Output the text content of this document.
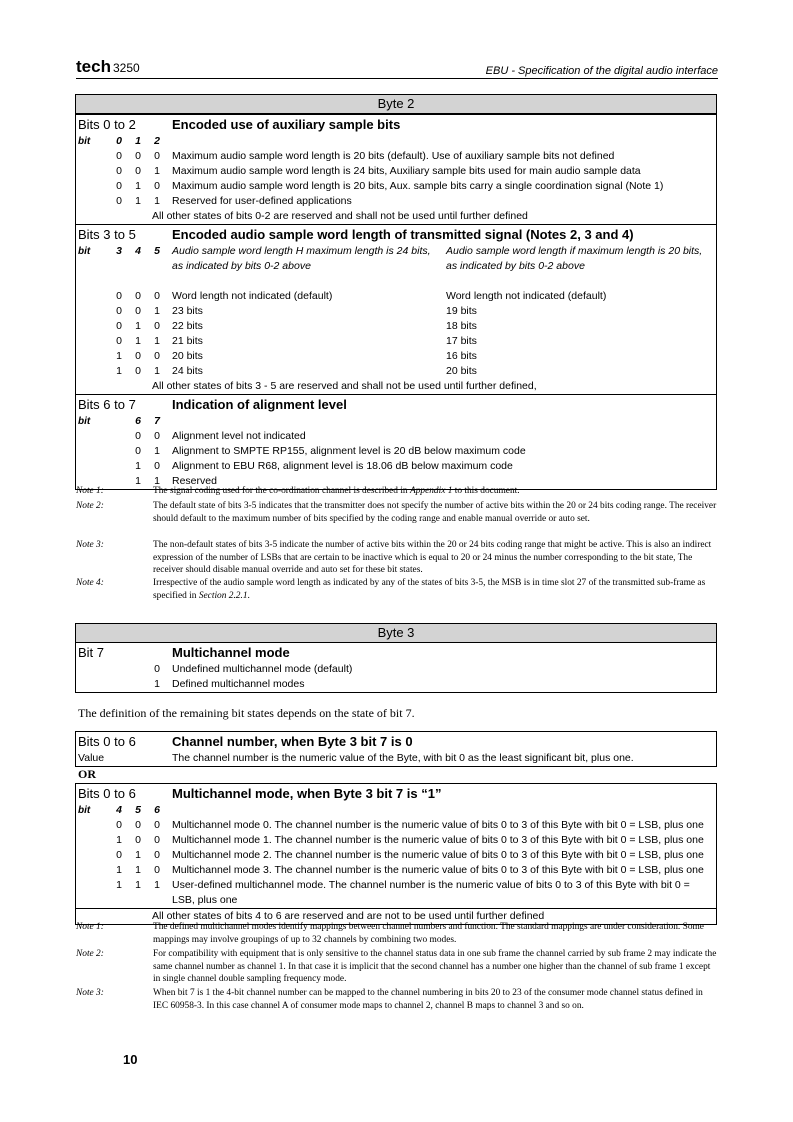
tech 3250	EBU - Specification of the digital audio interface
Byte 2
Bits 0 to 2	Encoded use of auxiliary sample bits
bit 0 1 2
0 0 0 Maximum audio sample word length is 20 bits (default). Use of auxiliary sample bits not defined
0 0 1 Maximum audio sample word length is 24 bits, Auxiliary sample bits used for main audio sample data
0 1 0 Maximum audio sample word length is 20 bits, Aux. sample bits carry a single coordination signal (Note 1)
0 1 1 Reserved for user-defined applications
All other states of bits 0-2 are reserved and shall not be used until further defined
Bits 3 to 5	Encoded audio sample word length of transmitted signal (Notes 2, 3 and 4)
bit 3 4 5 Audio sample word length H maximum length is 24 bits, Audio sample word length if maximum length is 20 bits,
as indicated by bits 0-2 above	as indicated by bits 0-2 above
0 0 0 Word length not indicated (default)	Word length not indicated (default)
0 0 1 23 bits	19 bits
0 1 0 22 bits	18 bits
0 1 1 21 bits	17 bits
1 0 0 20 bits	16 bits
1 0 1 24 bits	20 bits
All other states of bits 3 - 5 are reserved and shall not be used until further defined,
Bits 6 to 7	Indication of alignment level
bit	6 7
0 0 Alignment level not indicated
0 1 Alignment to SMPTE RP155, alignment level is 20 dB below maximum code
1 0 Alignment to EBU R68, alignment level is 18.06 dB below maximum code
1 1 Reserved
Note 1:	The signal coding used for the co-ordination channel is described in Appendix 1 to this document.
Note 2:	The default state of bits 3-5 indicates that the transmitter does not specify the number of active bits within the 20 or 24 bits coding range. The receiver should default to the maximum number of bits specified by the coding range and enable manual override or auto set.
Note 3:	The non-default states of bits 3-5 indicate the number of active bits within the 20 or 24 bits coding range that might be active. This is also an indirect expression of the number of LSBs that are certain to be inactive which is equal to 20 or 24 minus the number corresponding to the bit state, The receiver should disable manual override and auto set for these bit states.
Note 4:	Irrespective of the audio sample word length as indicated by any of the states of bits 3-5, the MSB is in time slot 27 of the transmitted sub-frame as specified in Section 2.2.1.
Byte 3
Bit 7	Multichannel mode
0 Undefined multichannel mode (default)
1 Defined multichannel modes
The definition of the remaining bit states depends on the state of bit 7.
Bits 0 to 6	Channel number, when Byte 3 bit 7 is 0
Value	The channel number is the numeric value of the Byte, with bit 0 as the least significant bit, plus one.
OR
Bits 0 to 6	Multichannel mode, when Byte 3 bit 7 is “1”
bit 4 5 6
0 0 0 Multichannel mode 0. The channel number is the numeric value of bits 0 to 3 of this Byte with bit 0 = LSB, plus one
1 0 0 Multichannel mode 1. The channel number is the numeric value of bits 0 to 3 of this Byte with bit 0 = LSB, plus one
0 1 0 Multichannel mode 2. The channel number is the numeric value of bits 0 to 3 of this Byte with bit 0 = LSB, plus one
1 1 0 Multichannel mode 3. The channel number is the numeric value of bits 0 to 3 of this Byte with bit 0 = LSB, plus one
1 1 1 User-defined multichannel mode. The channel number is the numeric value of bits 0 to 3 of this Byte with bit 0 =
LSB, plus one
All other states of bits 4 to 6 are reserved and are not to be used until further defined
Note 1:	The defined multichannel modes identify mappings between channel numbers and function. The standard mappings are under consideration. Some mappings may involve groupings of up to 32 channels by combining two modes.
Note 2:	For compatibility with equipment that is only sensitive to the channel status data in one sub frame the channel carried by sub frame 2 may indicate the same channel number as channel 1. In that case it is implicit that the second channel has a number one higher than the channel of sub frame 1 except in single channel double sampling frequency mode.
Note 3:	When bit 7 is 1 the 4-bit channel number can be mapped to the channel numbering in bits 20 to 23 of the consumer mode channel status defined in IEC 60958-3. In this case channel A of consumer mode maps to channel 2, channel B maps to channel 3 and so on.
10
